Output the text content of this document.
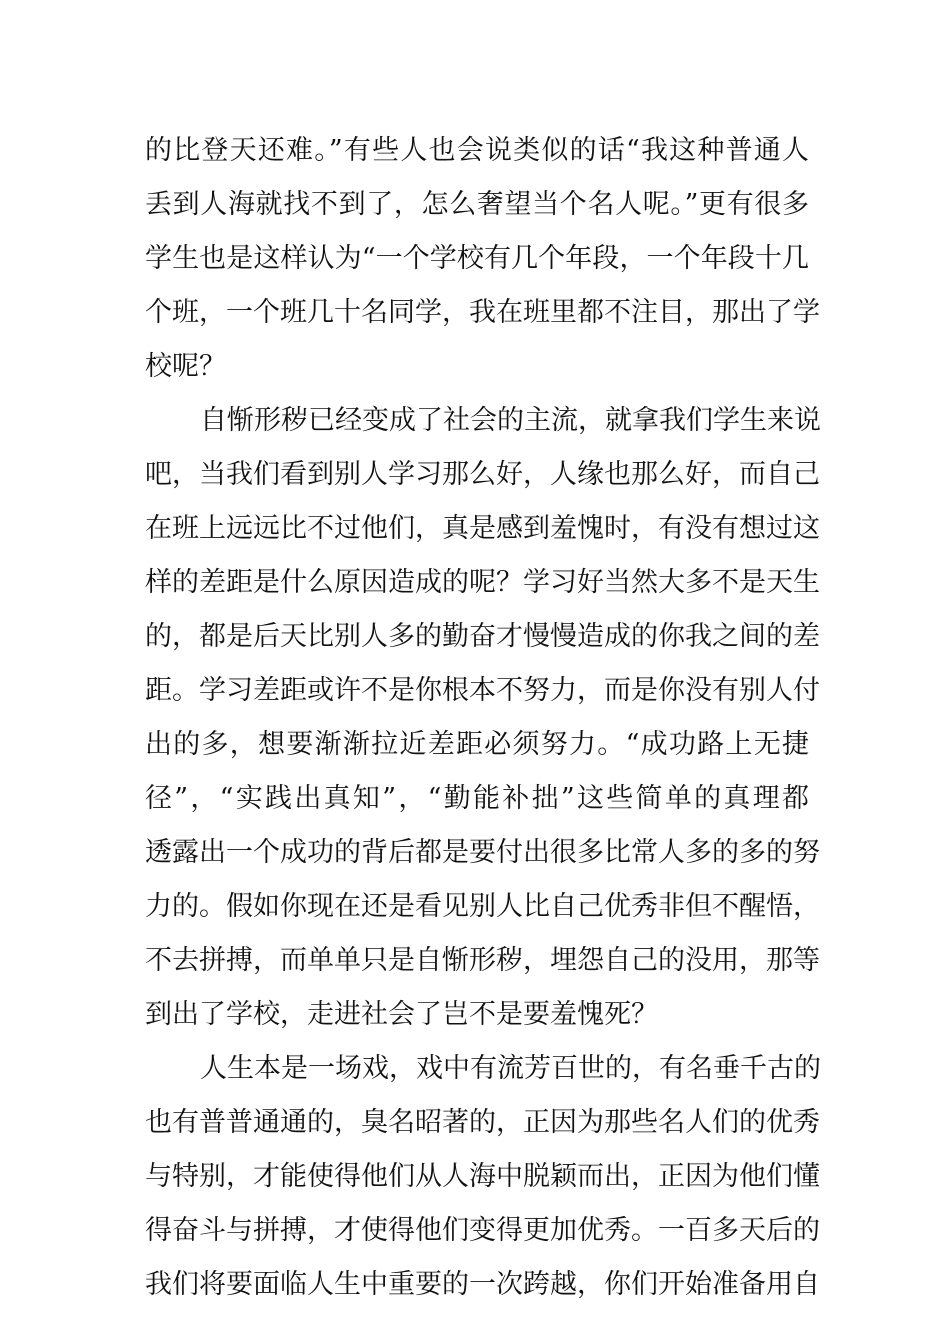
的比登天还难。”有些人也会说类似的话“我这种普通人
丢到人海就找不到了，怎么奢望当个名人呢。”更有很多
学生也是这样认为“一个学校有几个年段，一个年段十几
个班，一个班几十名同学，我在班里都不注目，那出了学
校呢？
自惭形秽已经变成了社会的主流，就拿我们学生来说
吧，当我们看到别人学习那么好，人缘也那么好，而自己
在班上远远比不过他们，真是感到羞愧时，有没有想过这
样的差距是什么原因造成的呢？学习好当然大多不是天生
的，都是后天比别人多的勤奋才慢慢造成的你我之间的差
距。学习差距或许不是你根本不努力，而是你没有别人付
出的多，想要渐渐拉近差距必须努力。“成功路上无捷
径”，“实践出真知”，“勤能补拙”这些简单的真理都
透露出一个成功的背后都是要付出很多比常人多的多的努
力的。假如你现在还是看见别人比自己优秀非但不醒悟，
不去拼搏，而单单只是自惭形秽，埋怨自己的没用，那等
到出了学校，走进社会了岂不是要羞愧死？
人生本是一场戏，戏中有流芳百世的，有名垂千古的
也有普普通通的，臭名昭著的，正因为那些名人们的优秀
与特别，才能使得他们从人海中脱颖而出，正因为他们懂
得奋斗与拼搏，才使得他们变得更加优秀。一百多天后的
我们将要面临人生中重要的一次跨越，你们开始准备用自
